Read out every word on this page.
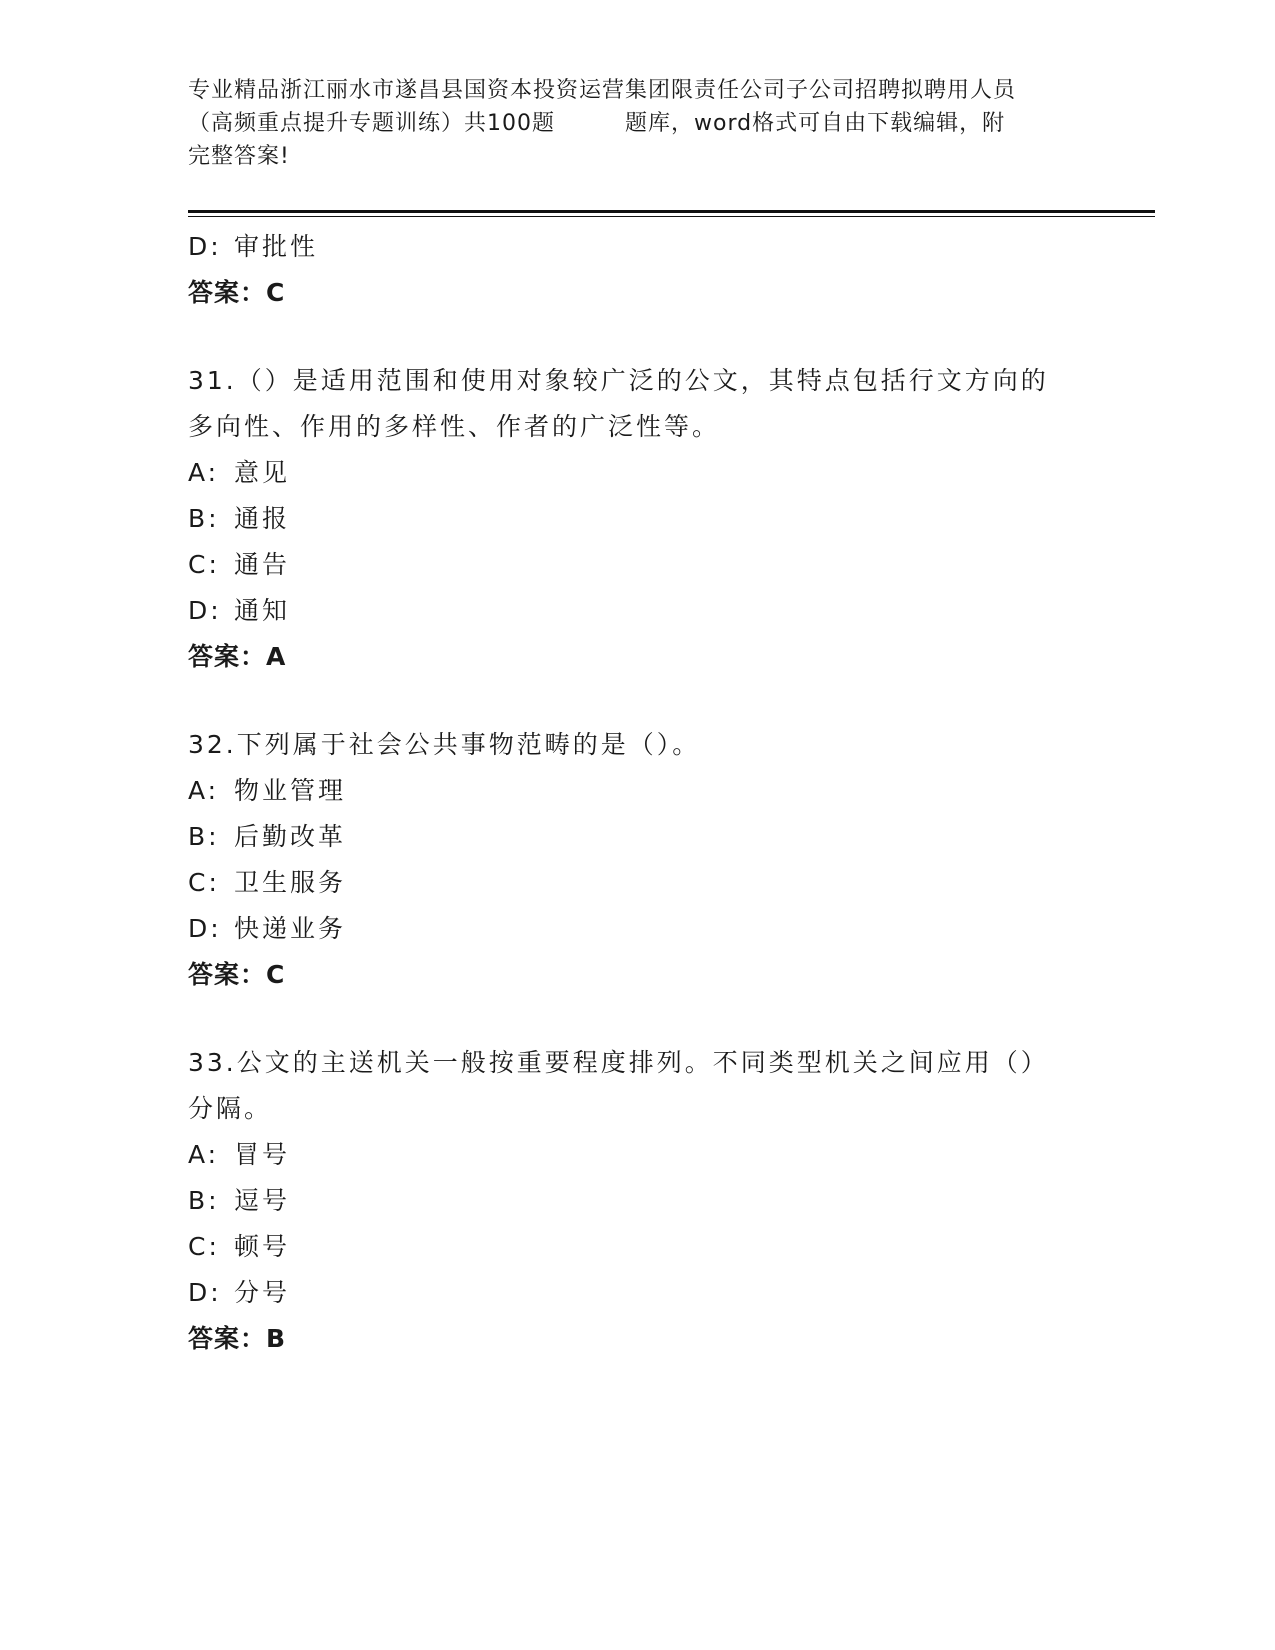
专业精品浙江丽水市遂昌县国资本投资运营集团限责任公司子公司招聘拟聘用人员
（高频重点提升专题训练）共100题	题库，word格式可自由下载编辑，附
完整答案!
D: 审批性
答案：C
31.（）是适用范围和使用对象较广泛的公文，其特点包括行文方向的
多向性、作用的多样性、作者的广泛性等。
A: 意见
B: 通报
C: 通告
D: 通知
答案：A
32.下列属于社会公共事物范畴的是（）。
A: 物业管理
B: 后勤改革
C: 卫生服务
D: 快递业务
答案：C
33.公文的主送机关一般按重要程度排列。不同类型机关之间应用（）
分隔。
A: 冒号
B: 逗号
C: 顿号
D: 分号
答案：B
